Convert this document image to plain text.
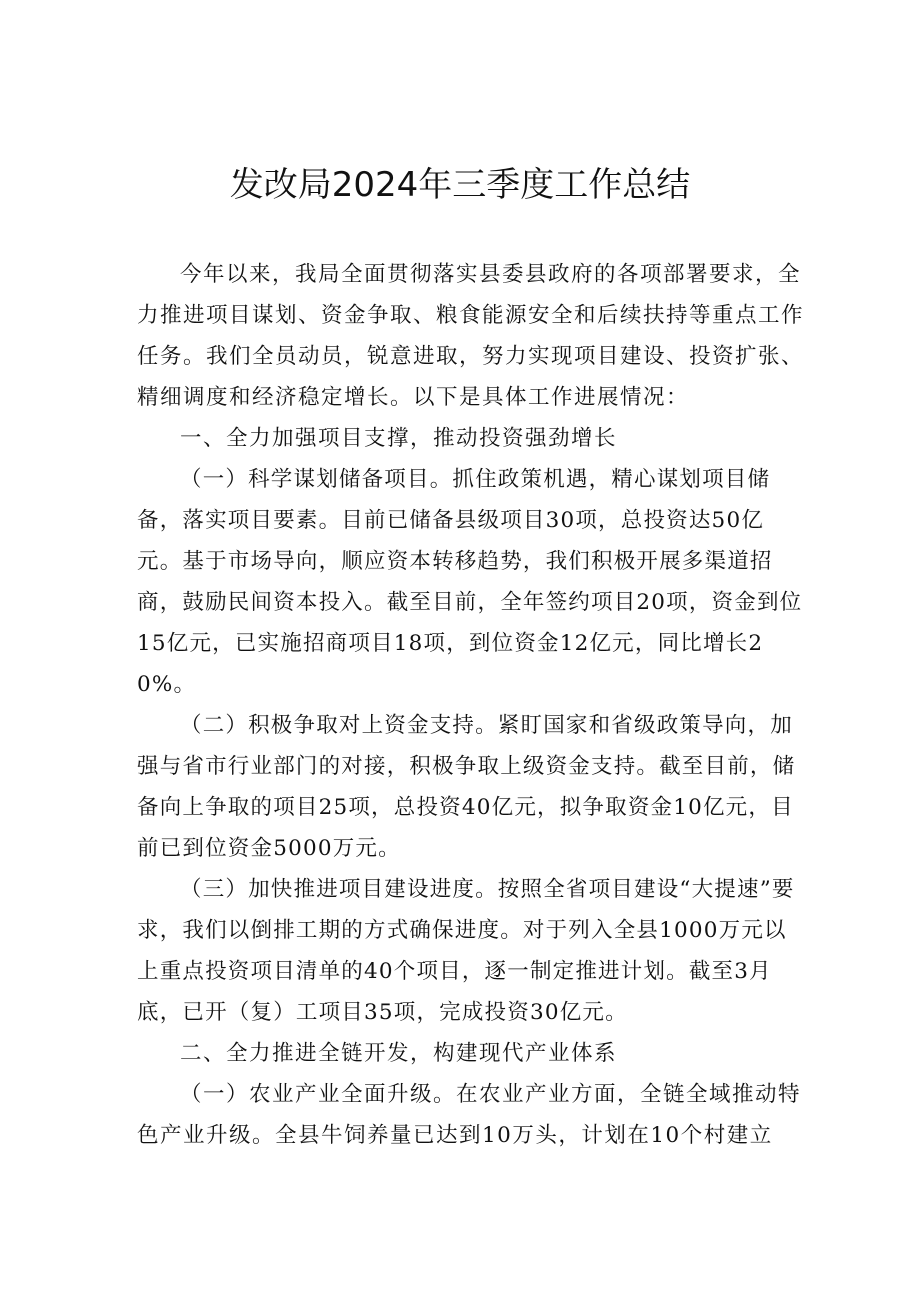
发改局2024年三季度工作总结

今年以来，我局全面贯彻落实县委县政府的各项部署要求，全力推进项目谋划、资金争取、粮食能源安全和后续扶持等重点工作任务。我们全员动员，锐意进取，努力实现项目建设、投资扩张、精细调度和经济稳定增长。以下是具体工作进展情况：

一、全力加强项目支撑，推动投资强劲增长

（一）科学谋划储备项目。抓住政策机遇，精心谋划项目储备，落实项目要素。目前已储备县级项目30项，总投资达50亿元。基于市场导向，顺应资本转移趋势，我们积极开展多渠道招商，鼓励民间资本投入。截至目前，全年签约项目20项，资金到位15亿元，已实施招商项目18项，到位资金12亿元，同比增长20%。

（二）积极争取对上资金支持。紧盯国家和省级政策导向，加强与省市行业部门的对接，积极争取上级资金支持。截至目前，储备向上争取的项目25项，总投资40亿元，拟争取资金10亿元，目前已到位资金5000万元。

（三）加快推进项目建设进度。按照全省项目建设“大提速”要求，我们以倒排工期的方式确保进度。对于列入全县1000万元以上重点投资项目清单的40个项目，逐一制定推进计划。截至3月底，已开（复）工项目35项，完成投资30亿元。

二、全力推进全链开发，构建现代产业体系

（一）农业产业全面升级。在农业产业方面，全链全域推动特色产业升级。全县牛饲养量已达到10万头，计划在10个村建立
